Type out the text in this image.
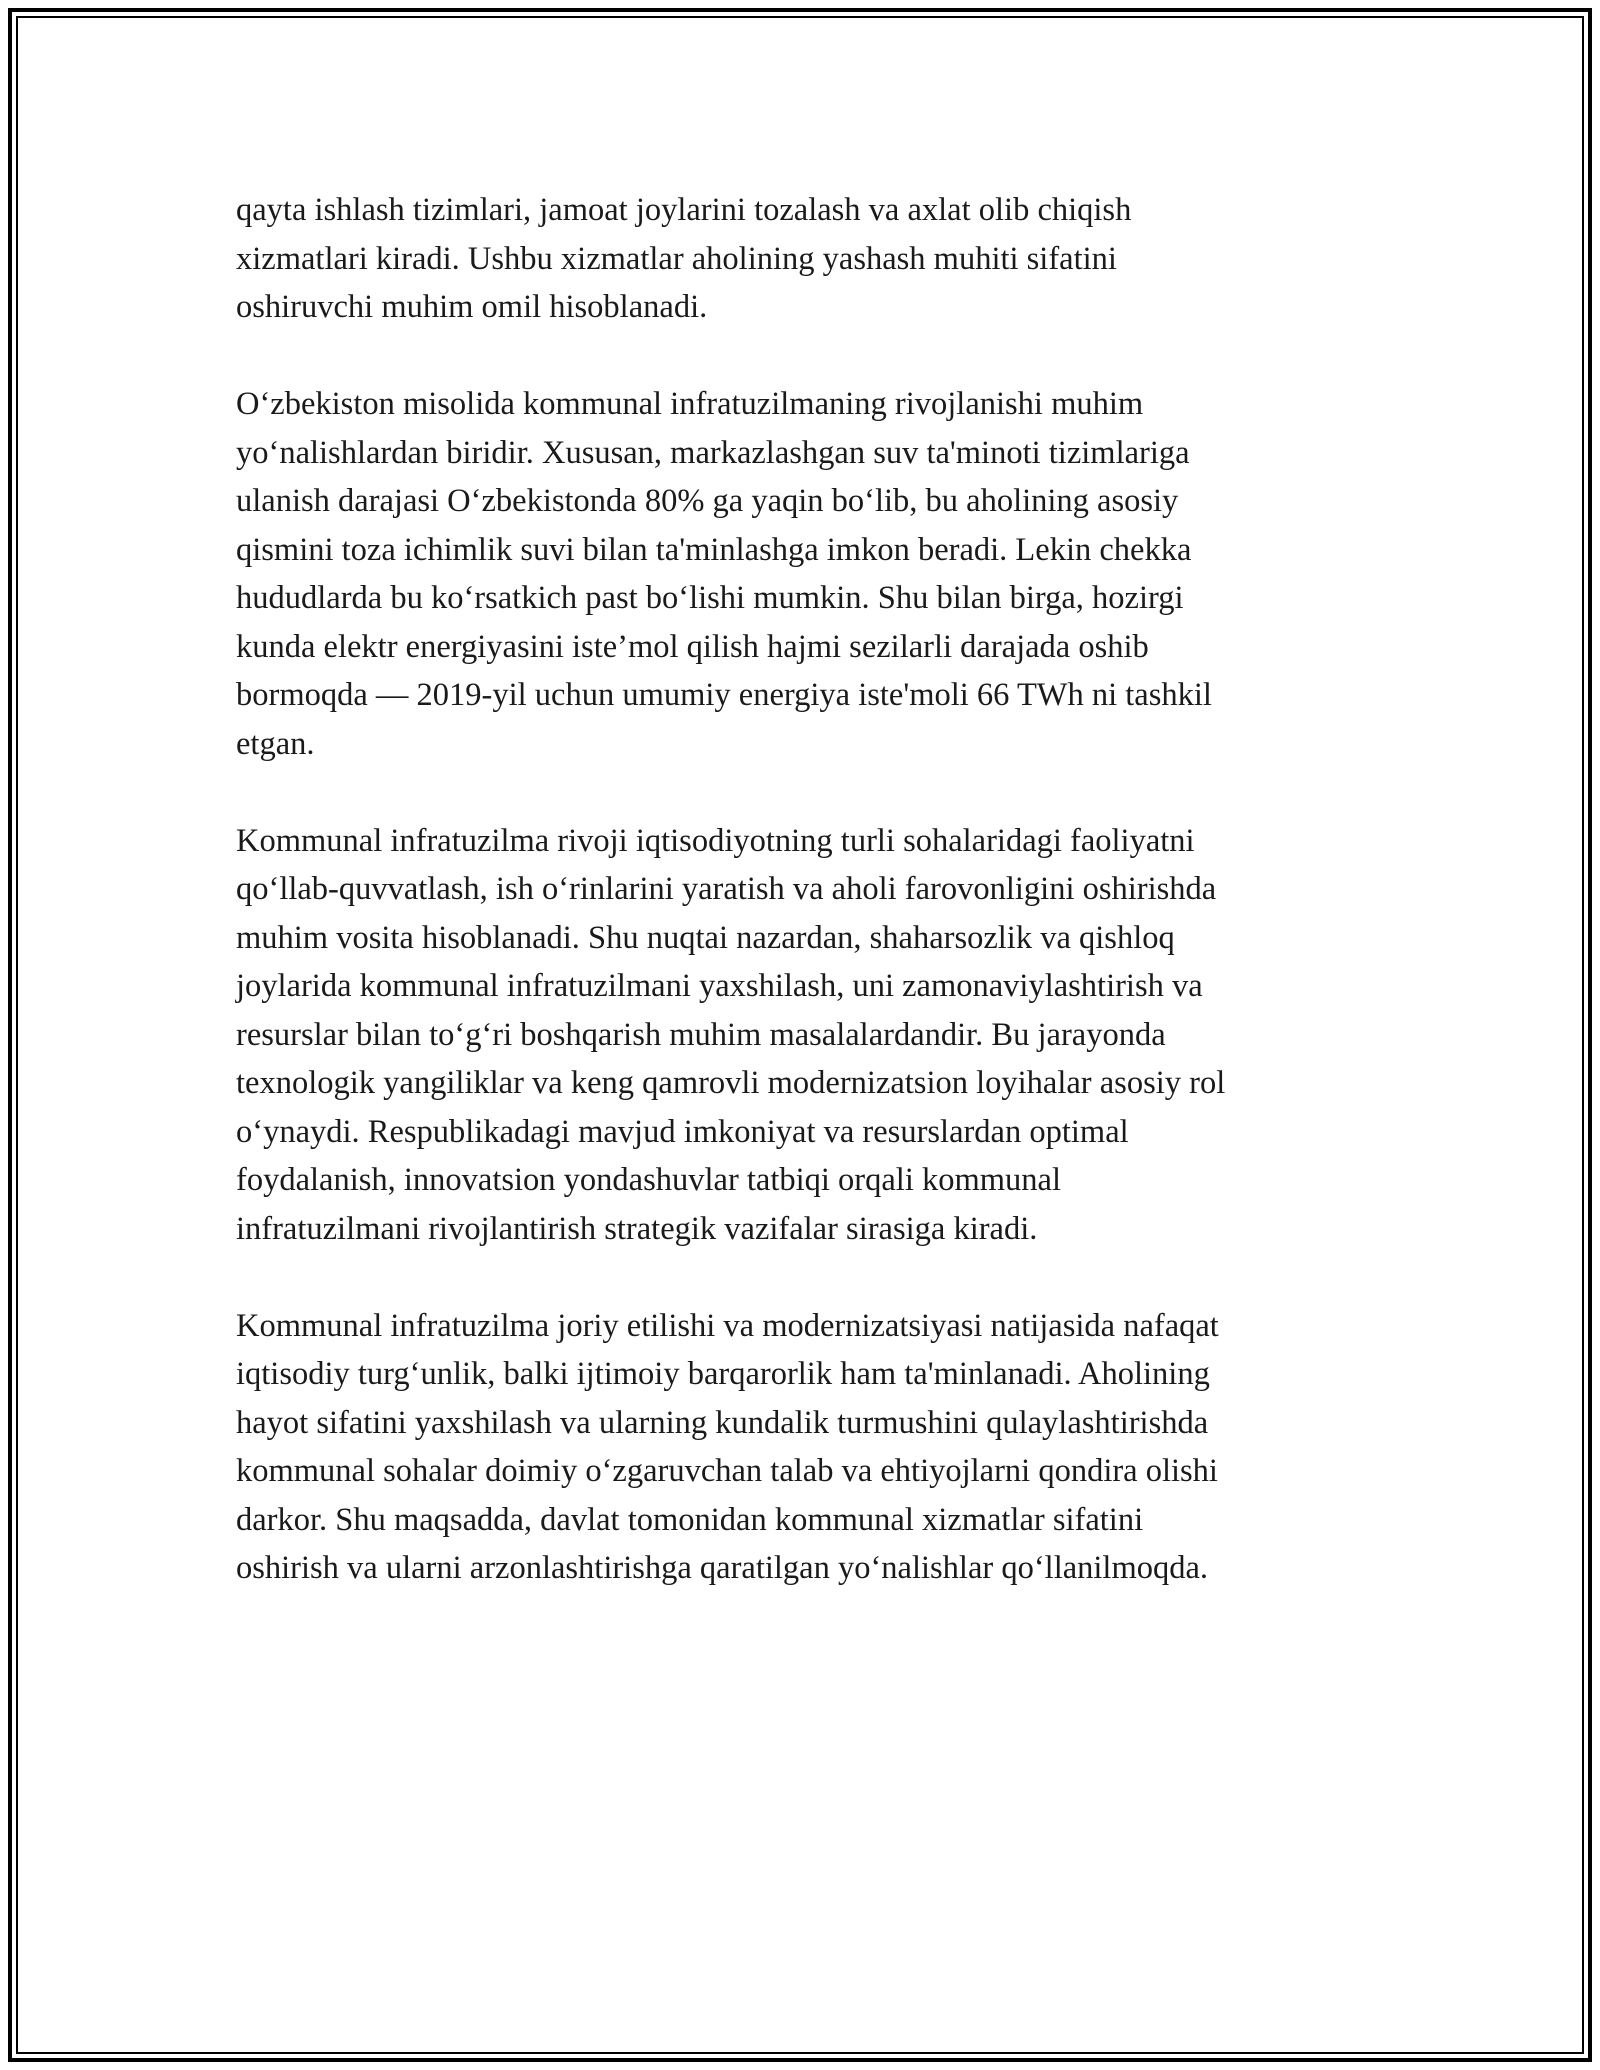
qayta ishlash tizimlari, jamoat joylarini tozalash va axlat olib chiqish
xizmatlari kiradi. Ushbu xizmatlar aholining yashash muhiti sifatini
oshiruvchi muhim omil hisoblanadi.

O‘zbekiston misolida kommunal infratuzilmaning rivojlanishi muhim
yo‘nalishlardan biridir. Xususan, markazlashgan suv ta'minoti tizimlariga
ulanish darajasi O‘zbekistonda 80% ga yaqin bo‘lib, bu aholining asosiy
qismini toza ichimlik suvi bilan ta'minlashga imkon beradi. Lekin chekka
hududlarda bu ko‘rsatkich past bo‘lishi mumkin. Shu bilan birga, hozirgi
kunda elektr energiyasini iste’mol qilish hajmi sezilarli darajada oshib
bormoqda — 2019-yil uchun umumiy energiya iste'moli 66 TWh ni tashkil
etgan.

Kommunal infratuzilma rivoji iqtisodiyotning turli sohalaridagi faoliyatni
qo‘llab-quvvatlash, ish o‘rinlarini yaratish va aholi farovonligini oshirishda
muhim vosita hisoblanadi. Shu nuqtai nazardan, shaharsozlik va qishloq
joylarida kommunal infratuzilmani yaxshilash, uni zamonaviylashtirish va
resurslar bilan to‘g‘ri boshqarish muhim masalalardandir. Bu jarayonda
texnologik yangiliklar va keng qamrovli modernizatsion loyihalar asosiy rol
o‘ynaydi. Respublikadagi mavjud imkoniyat va resurslardan optimal
foydalanish, innovatsion yondashuvlar tatbiqi orqali kommunal
infratuzilmani rivojlantirish strategik vazifalar sirasiga kiradi.

Kommunal infratuzilma joriy etilishi va modernizatsiyasi natijasida nafaqat
iqtisodiy turg‘unlik, balki ijtimoiy barqarorlik ham ta'minlanadi. Aholining
hayot sifatini yaxshilash va ularning kundalik turmushini qulaylashtirishda
kommunal sohalar doimiy o‘zgaruvchan talab va ehtiyojlarni qondira olishi
darkor. Shu maqsadda, davlat tomonidan kommunal xizmatlar sifatini
oshirish va ularni arzonlashtirishga qaratilgan yo‘nalishlar qo‘llanilmoqda.
